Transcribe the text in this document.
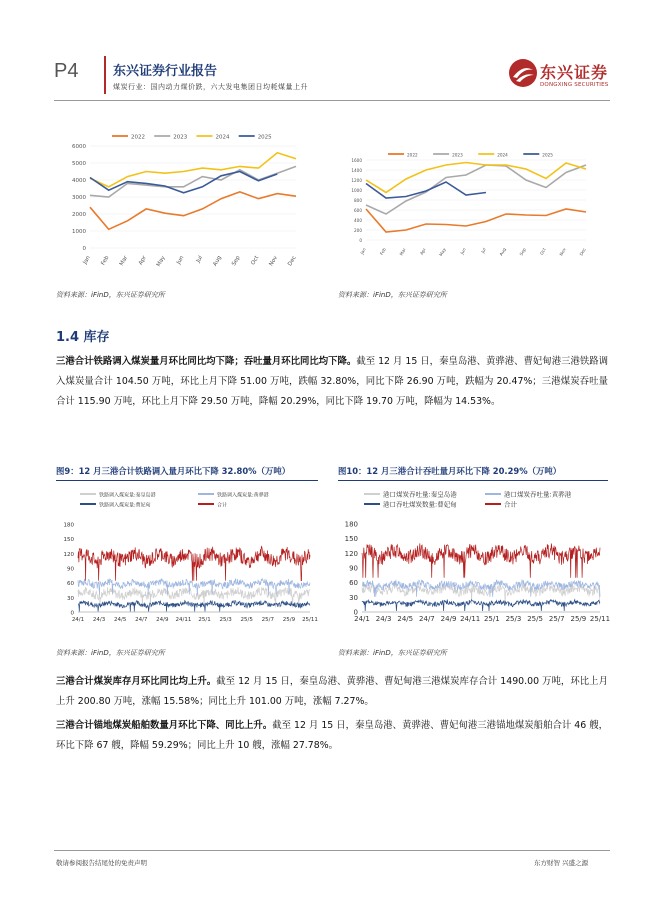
P4	东兴证券行业报告
煤炭行业：国内动力煤价跌，六大发电集团日均耗煤量上升
东兴证券
DONGXING SECURITIES
0
1000
2000
3000
4000
5000
6000
Jan Feb Mar Apr May Jun Jul Aug Sep Oct Nov Dec
2022	2023	2024	2025
0
200
400
600
800
1000
1200
1400
1600
Jan	Feb	Mar	Apr	May	Jun	Jul	Aug	Sep	Oct	Nov	Dec
2022	2023	2024	2025
资料来源：iFinD，东兴证券研究所	资料来源：iFinD，东兴证券研究所
1.4 库存
三港合计铁路调入煤炭量月环比同比均下降；吞吐量月环比同比均下降。截至 12 月 15 日，秦皇岛港、黄骅港、曹妃甸港三港铁路调入煤炭量合计 104.50 万吨，环比上月下降 51.00 万吨，跌幅 32.80%，同比下降 26.90 万吨，跌幅为 20.47%；三港煤炭吞吐量合计 115.90 万吨，环比上月下降 29.50 万吨，降幅 20.29%，同比下降 19.70 万吨，降幅为 14.53%。
图9：12 月三港合计铁路调入量月环比下降 32.80%（万吨）	图10：12 月三港合计吞吐量月环比下降 20.29%（万吨）
0
30
60
90
120
150
180
24/1 24/3 24/5 24/7 24/9 24/11 25/1 25/3 25/5 25/7 25/9 25/11
铁路调入煤炭量:秦皇岛港	铁路调入煤炭量:黄骅港
铁路调入煤炭量:曹妃甸	合计
0
30
60
90
120
150
180
24/1 24/3 24/5 24/7 24/9 24/11 25/1 25/3 25/5 25/7 25/9 25/11
港口煤炭吞吐量:秦皇岛港	港口煤炭吞吐量:黄骅港
港口吞吐煤炭数量:曹妃甸	合计
资料来源：iFinD，东兴证券研究所	资料来源：iFinD，东兴证券研究所
三港合计煤炭库存月环比同比均上升。截至 12 月 15 日，秦皇岛港、黄骅港、曹妃甸港三港煤炭库存合计 1490.00 万吨，环比上月上升 200.80 万吨，涨幅 15.58%；同比上升 101.00 万吨，涨幅 7.27%。
三港合计锚地煤炭船舶数量月环比下降、同比上升。截至 12 月 15 日，秦皇岛港、黄骅港、曹妃甸港三港锚地煤炭船舶合计 46 艘，环比下降 67 艘，降幅 59.29%；同比上升 10 艘，涨幅 27.78%。
敬请参阅报告结尾处的免责声明	东方财智 兴盛之源
